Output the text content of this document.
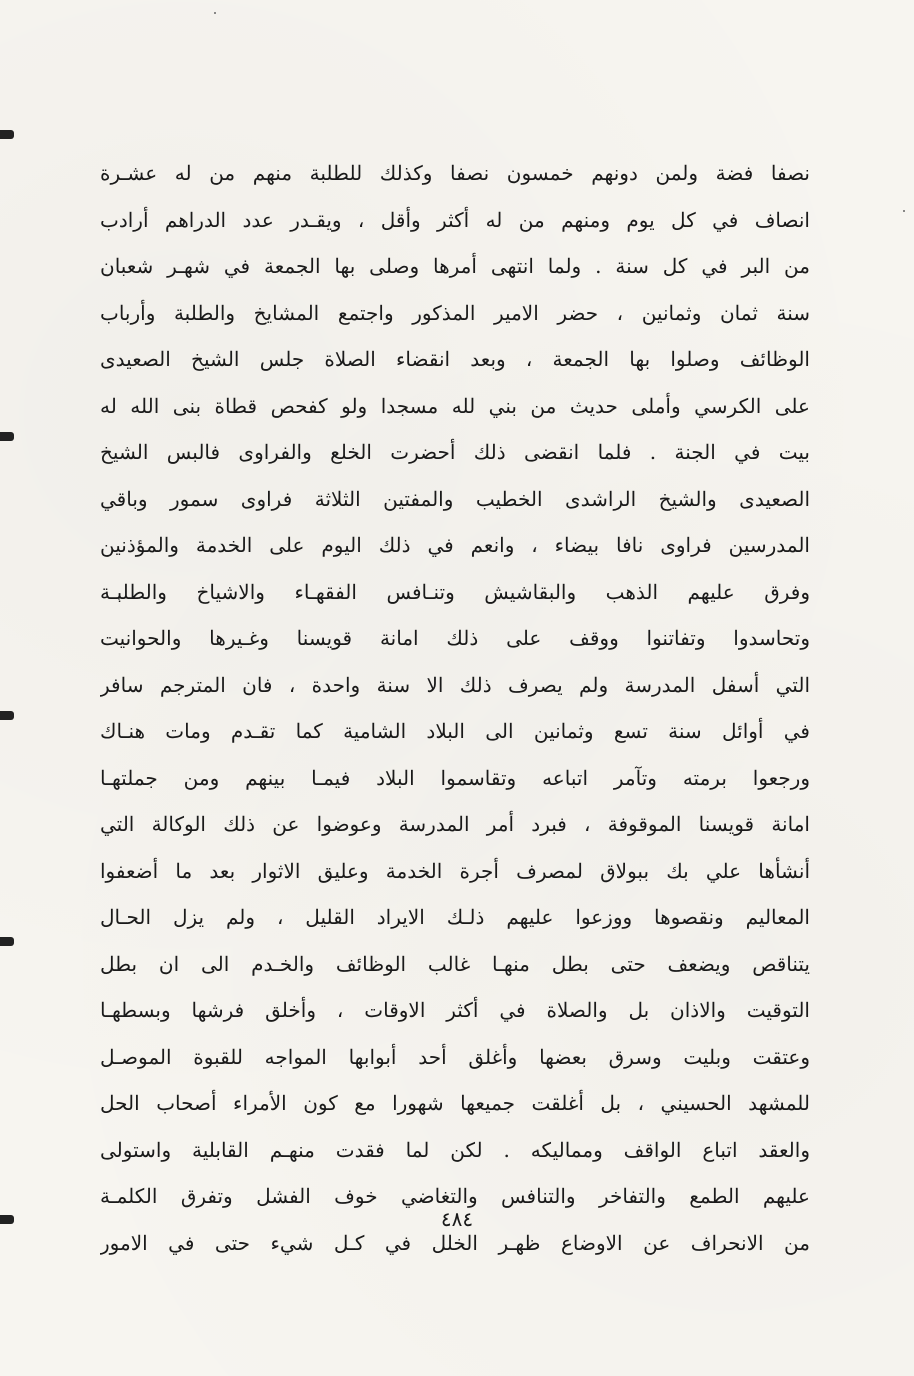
نصفا فضة ولمن دونهم خمسون نصفا وكذلك للطلبة منهم من له عشـرة
انصاف في كل يوم ومنهم من له أكثر وأقل ، ويقـدر عدد الدراهم أرادب
من البر في كل سنة . ولما انتهى أمرها وصلى بها الجمعة في شهـر شعبان
سنة ثمان وثمانين ، حضر الامير المذكور واجتمع المشايخ والطلبة وأرباب
الوظائف وصلوا بها الجمعة ، وبعد انقضاء الصلاة جلس الشيخ الصعيدى
على الكرسي وأملى حديث من بني لله مسجدا ولو كفحص قطاة بنى الله له
بيت في الجنة . فلما انقضى ذلك أحضرت الخلع والفراوى فالبس الشيخ
الصعيدى والشيخ الراشدى الخطيب والمفتين الثلاثة فراوى سمور وباقي
المدرسين فراوى نافا بيضاء ، وانعم في ذلك اليوم على الخدمة والمؤذنين
وفرق عليهم الذهب والبقاشيش وتنـافس الفقهـاء والاشياخ والطلبـة
وتحاسدوا وتفاتنوا ووقف على ذلك امانة قويسنا وغـيرها والحوانيت
التي أسفل المدرسة ولم يصرف ذلك الا سنة واحدة ، فان المترجم سافر
في أوائل سنة تسع وثمانين الى البلاد الشامية كما تقـدم ومات هنـاك
ورجعوا برمته وتآمر اتباعه وتقاسموا البلاد فيمـا بينهم ومن جملتهـا
امانة قويسنا الموقوفة ، فبرد أمر المدرسة وعوضوا عن ذلك الوكالة التي
أنشأها علي بك ببولاق لمصرف أجرة الخدمة وعليق الاثوار بعد ما أضعفوا
المعاليم ونقصوها ووزعوا عليهم ذلـك الايراد القليل ، ولم يزل الحـال
يتناقص ويضعف حتى بطل منهـا غالب الوظائف والخـدم الى ان بطل
التوقيت والاذان بل والصلاة في أكثر الاوقات ، وأخلق فرشها وبسطهـا
وعتقت وبليت وسرق بعضها وأغلق أحد أبوابها المواجه للقبوة الموصـل
للمشهد الحسيني ، بل أغلقت جميعها شهورا مع كون الأمراء أصحاب الحل
والعقد اتباع الواقف ومماليكه . لكن لما فقدت منهـم القابلية واستولى
عليهم الطمع والتفاخر والتنافس والتغاضي خوف الفشل وتفرق الكلمـة
من الانحراف عن الاوضاع ظهـر الخلل في كـل شيء حتى في الامور
٤٨٤
